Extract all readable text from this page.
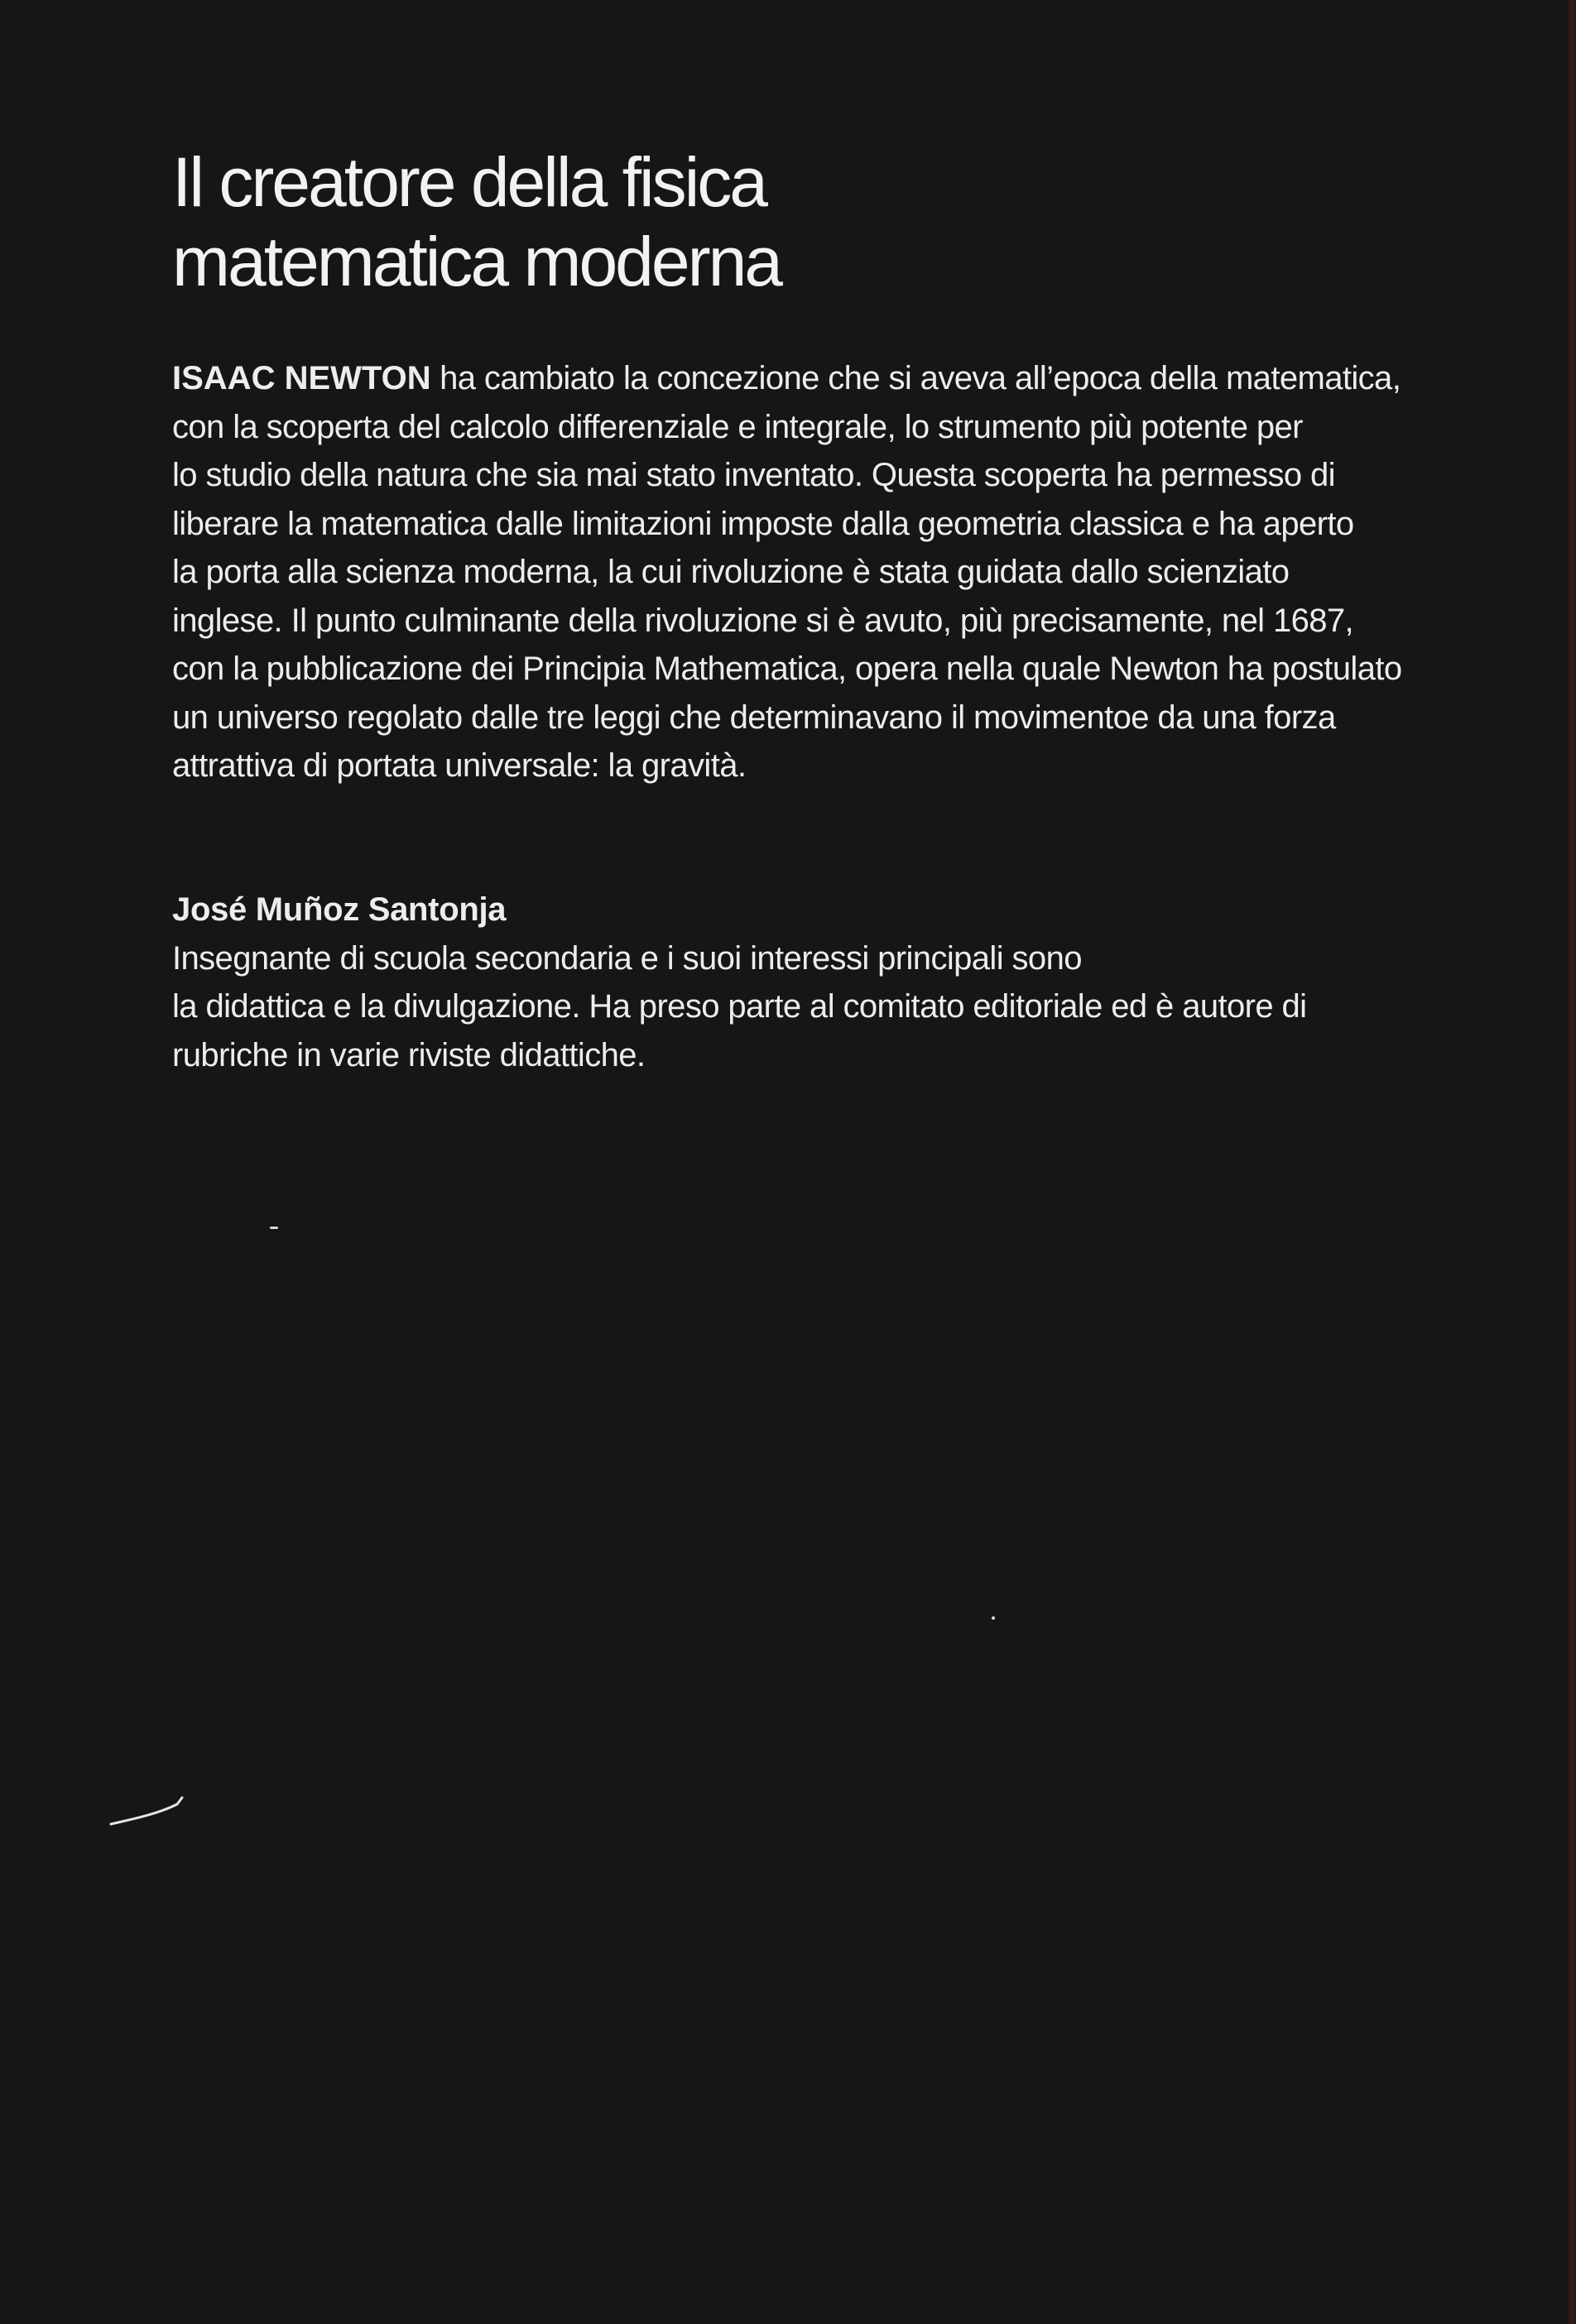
Il creatore della fisica
matematica moderna

ISAAC NEWTON ha cambiato la concezione che si aveva all’epoca della matematica,
con la scoperta del calcolo differenziale e integrale, lo strumento più potente per
lo studio della natura che sia mai stato inventato. Questa scoperta ha permesso di
liberare la matematica dalle limitazioni imposte dalla geometria classica e ha aperto
la porta alla scienza moderna, la cui rivoluzione è stata guidata dallo scienziato
inglese. Il punto culminante della rivoluzione si è avuto, più precisamente, nel 1687,
con la pubblicazione dei Principia Mathematica, opera nella quale Newton ha postulato
un universo regolato dalle tre leggi che determinavano il movimentoe da una forza
attrattiva di portata universale: la gravità.

José Muñoz Santonja
Insegnante di scuola secondaria e i suoi interessi principali sono
la didattica e la divulgazione. Ha preso parte al comitato editoriale ed è autore di
rubriche in varie riviste didattiche.
